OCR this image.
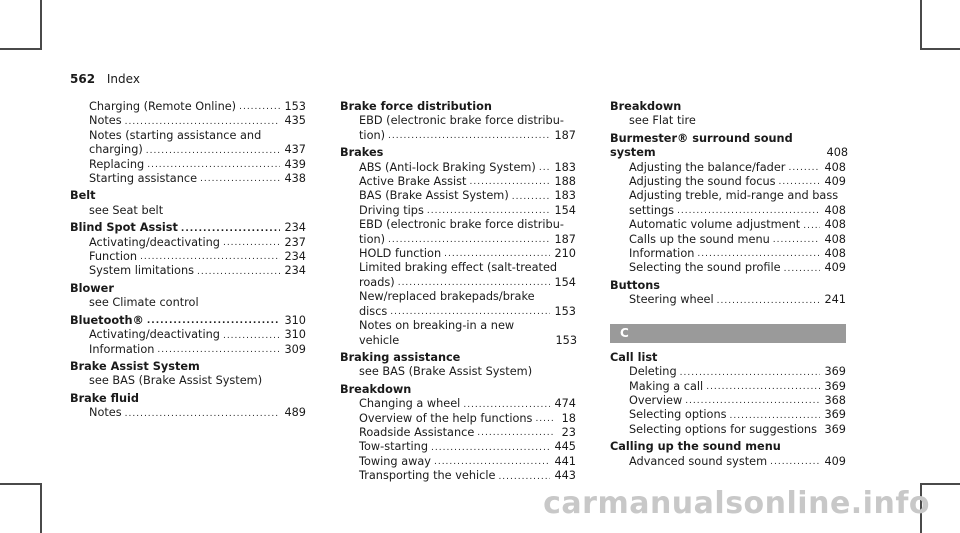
562 Index
Charging (Remote Online) .....	153
Notes .....	435
Notes (starting assistance and
charging) .....	437
Replacing .....	439
Starting assistance .....	438
Belt
see Seat belt
Blind Spot Assist .....	234
Activating/deactivating .....	237
Function .....	234
System limitations .....	234
Blower
see Climate control
Bluetooth® .....	310
Activating/deactivating .....	310
Information .....	309
Brake Assist System
see BAS (Brake Assist System)
Brake fluid
Notes .....	489
Brake force distribution
EBD (electronic brake force distribu-
tion) .....	187
Brakes
ABS (Anti-lock Braking System) ..... 183
Active Brake Assist .....	188
BAS (Brake Assist System) .....	183
Driving tips .....	154
EBD (electronic brake force distribu-
tion) .....	187
HOLD function .....	210
Limited braking effect (salt-treated
roads) .....	154
New/replaced brakepads/brake
discs .....	153
Notes on breaking-in a new vehicle	153
Braking assistance
see BAS (Brake Assist System)
Breakdown
Changing a wheel .....	474
Overview of the help functions .....	18
Roadside Assistance .....	23
Tow-starting .....	445
Towing away .....	441
Transporting the vehicle .....	443
Breakdown
see Flat tire
Burmester® surround sound system	408
Adjusting the balance/fader .....	408
Adjusting the sound focus .....	409
Adjusting treble, mid-range and bass
settings .....	408
Automatic volume adjustment ..... 408
Calls up the sound menu .....	408
Information .....	408
Selecting the sound profile .....	409
Buttons
Steering wheel .....	241
C
Call list
Deleting .....	369
Making a call .....	369
Overview .....	368
Selecting options .....	369
Selecting options for suggestions ..... 369
Calling up the sound menu
Advanced sound system .....	409
carmanualsonline.info
